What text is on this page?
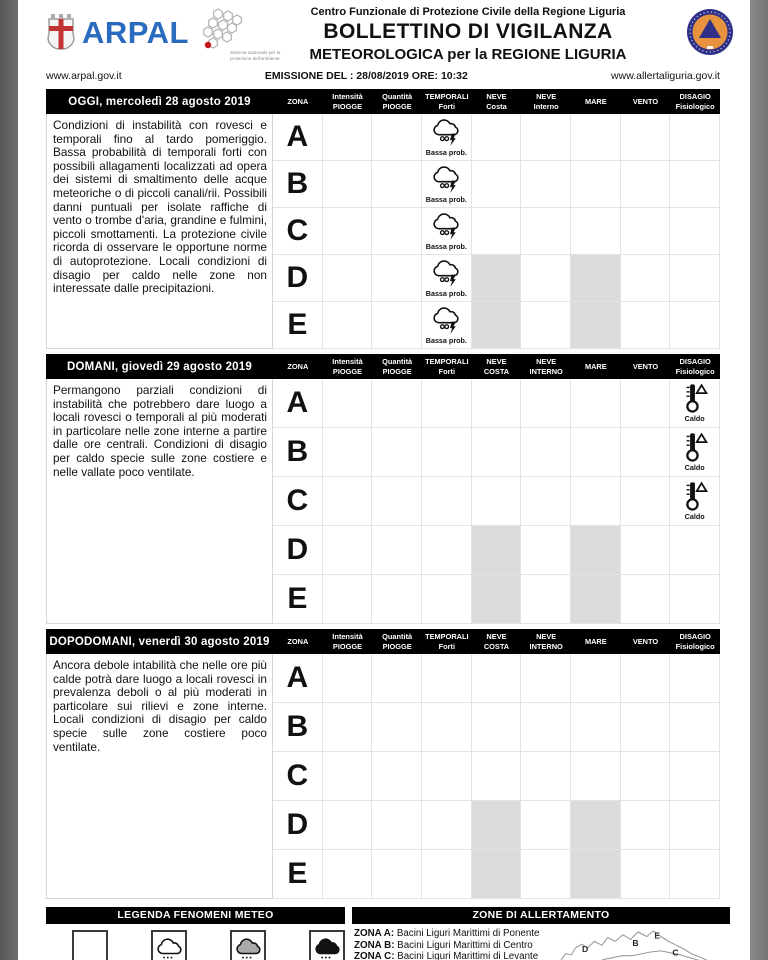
ARPAL
Sistema nazionale per la protezione dell'ambiente
Centro Funzionale di Protezione Civile della Regione Liguria
BOLLETTINO DI VIGILANZA
METEOROLOGICA per la REGIONE LIGURIA
www.arpal.gov.it	EMISSIONE DEL : 28/08/2019 ORE: 10:32	www.allertaliguria.gov.it
OGGI, mercoledì 28 agosto 2019	ZONA
Intensità
PIOGGE
Quantità
PIOGGE
TEMPORALI
Forti
NEVE
Costa
NEVE
Interno
MARE	VENTO
DISAGIO
Fisiologico
Condizioni di instabilità con rovesci e temporali fino al tardo pomeriggio. Bassa probabilità di temporali forti con possibili allagamenti localizzati ad opera dei sistemi di smaltimento delle acque meteoriche o di piccoli canali/rii. Possibili danni puntuali per isolate raffiche di vento o trombe d'aria, grandine e fulmini, piccoli smottamenti. La protezione civile ricorda di osservare le opportune norme di autoprotezione. Locali condizioni di disagio per caldo nelle zone non interessate dalle precipitazioni.
A	Bassa prob.
B	Bassa prob.
C	Bassa prob.
D	Bassa prob.
E	Bassa prob.
DOMANI, giovedì 29 agosto 2019	ZONA
Intensità
PIOGGE
Quantità
PIOGGE
TEMPORALI
Forti
NEVE
COSTA
NEVE
INTERNO
MARE	VENTO
DISAGIO
Fisiologico
Permangono parziali condizioni di instabilità che potrebbero dare luogo a locali rovesci o temporali al più moderati in particolare nelle zone interne a partire dalle ore centrali. Condizioni di disagio per caldo specie sulle zone costiere e nelle vallate poco ventilate.
A	Caldo
B	Caldo
C	Caldo
D
E
DOPODOMANI, venerdì 30 agosto 2019	ZONA
Intensità
PIOGGE
Quantità
PIOGGE
TEMPORALI
Forti
NEVE
COSTA
NEVE
INTERNO
MARE	VENTO
DISAGIO
Fisiologico
Ancora debole intabilità che nelle ore più calde potrà dare luogo a locali rovesci in prevalenza deboli o al più moderati in particolare sui rilievi e zone interne. Locali condizioni di disagio per caldo specie sulle zone costiere poco ventilate.
A
B
C
D
E
LEGENDA FENOMENI METEO	ZONE DI ALLERTAMENTO
ZONA A: Bacini Liguri Marittimi di Ponente
ZONA B: Bacini Liguri Marittimi di Centro
ZONA C: Bacini Liguri Marittimi di Levante
D
B
E
C
